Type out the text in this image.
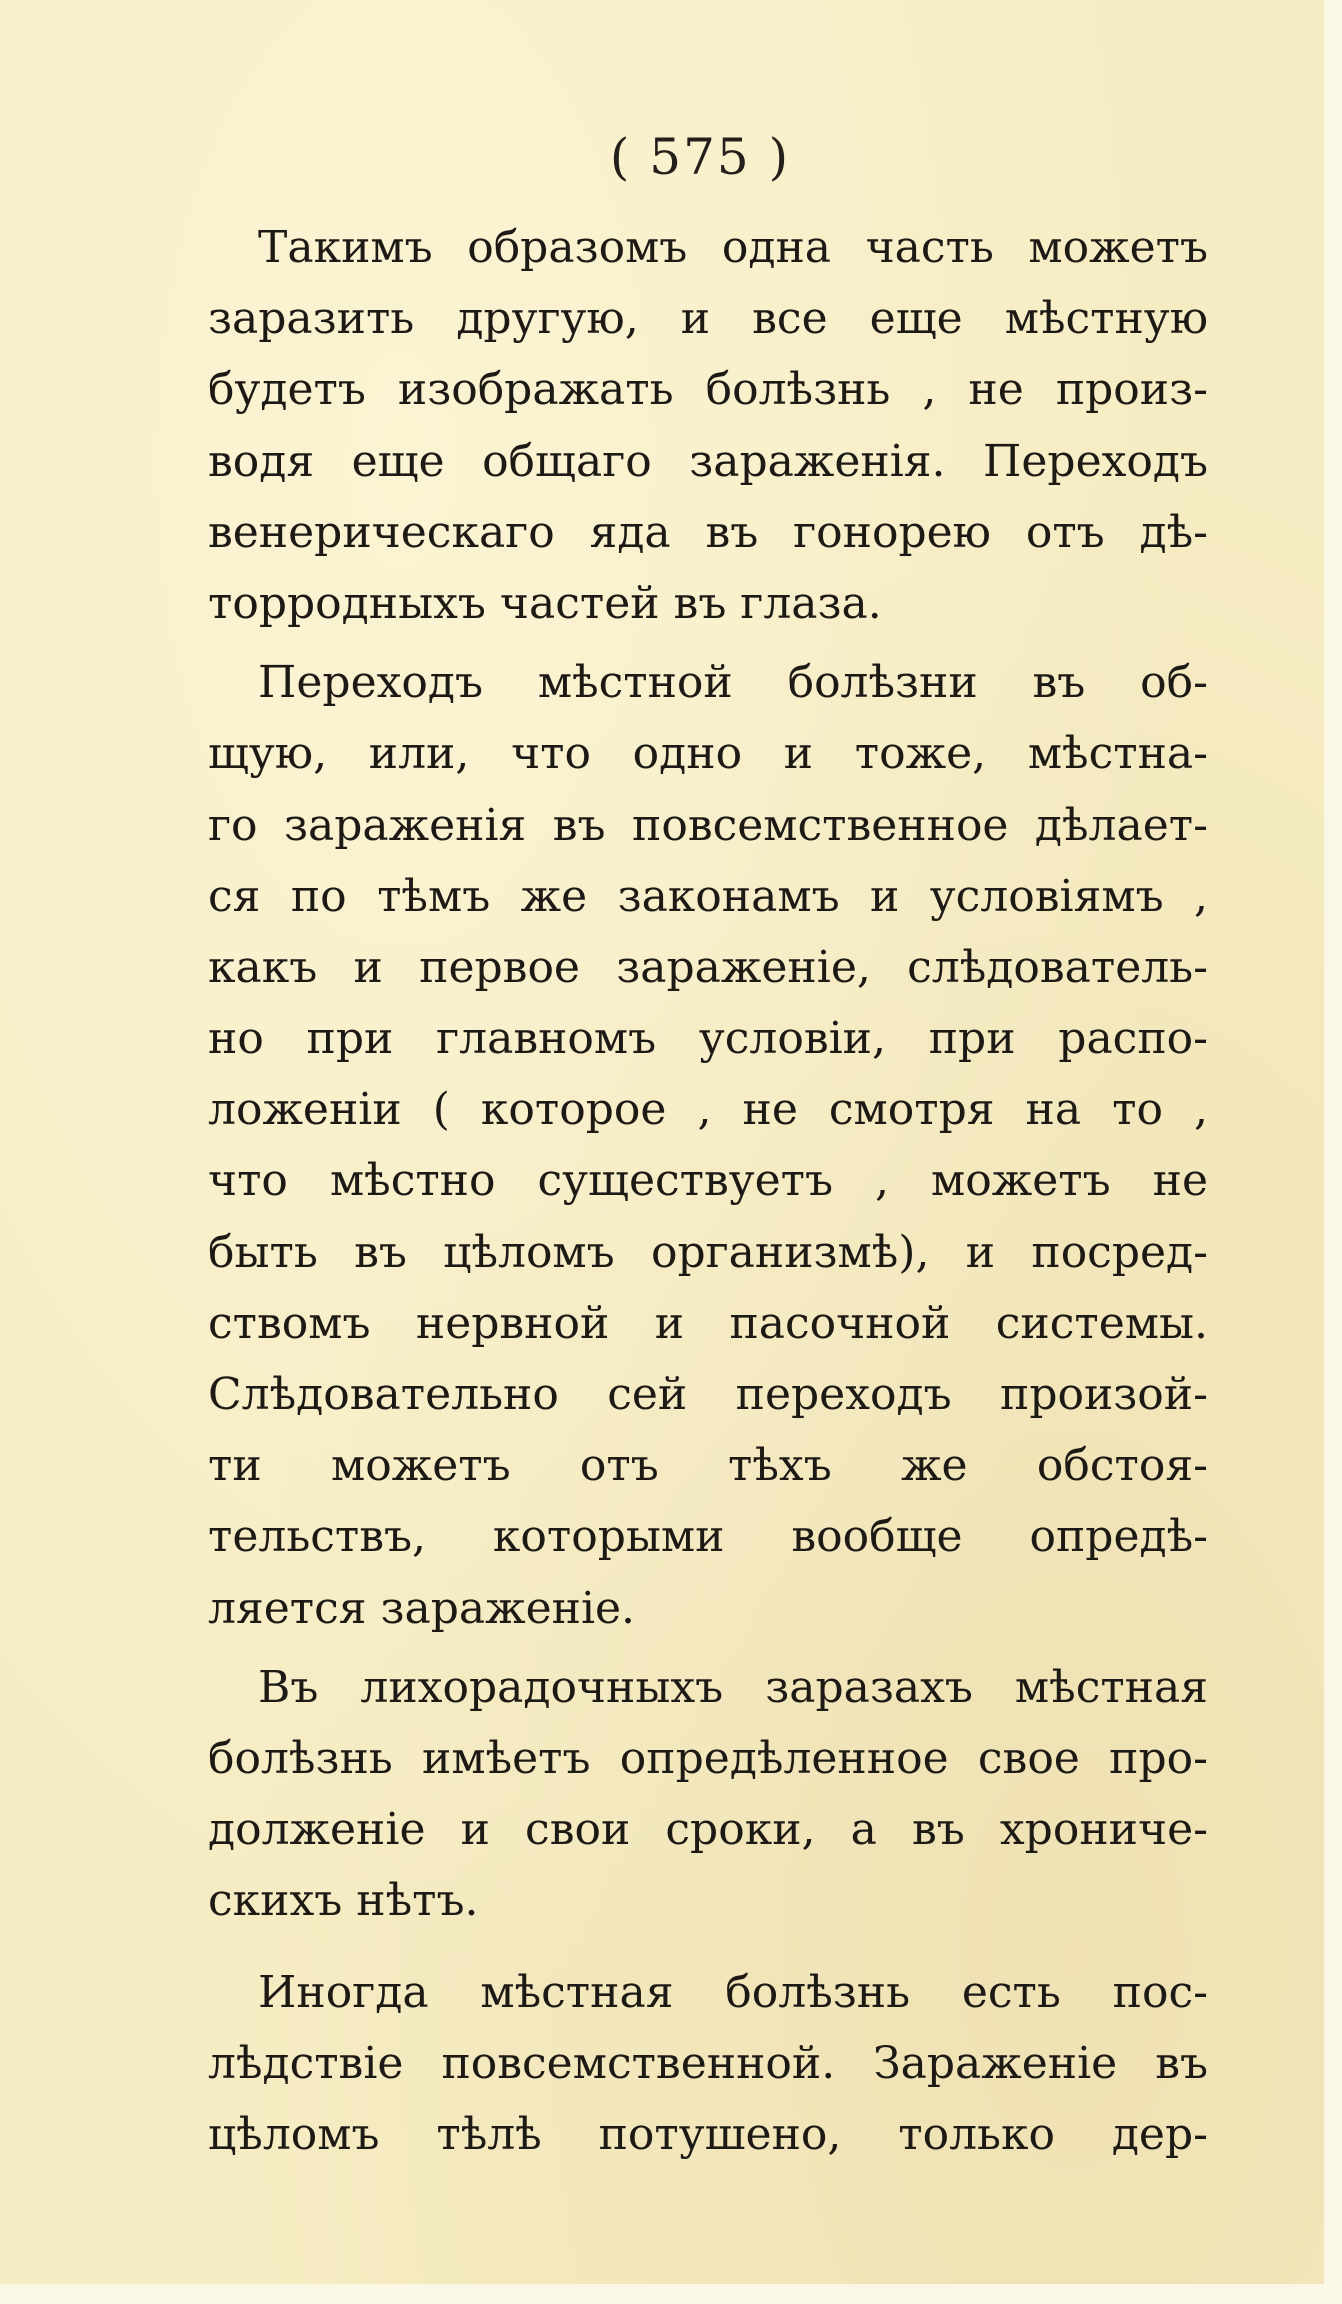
( 575 )
Такимъ образомъ одна часть можетъ
заразить другую, и все еще мѣстную
будетъ изображать болѣзнь , не произ-
водя еще общаго зараженія. Переходъ
венерическаго яда въ гонорею отъ дѣ-
торродныхъ частей въ глаза.
Переходъ мѣстной болѣзни въ об-
щую, или, что одно и тоже, мѣстна-
го зараженія въ повсемственное дѣлает-
ся по тѣмъ же законамъ и условіямъ ,
какъ и первое зараженіе, слѣдователь-
но при главномъ условіи, при распо-
ложеніи ( которое , не смотря на то ,
что мѣстно существуетъ , можетъ не
быть въ цѣломъ организмѣ), и посред-
ствомъ нервной и пасочной системы.
Слѣдовательно сей переходъ произой-
ти можетъ отъ тѣхъ же обстоя-
тельствъ, которыми вообще опредѣ-
ляется зараженіе.
Въ лихорадочныхъ заразахъ мѣстная
болѣзнь имѣетъ опредѣленное свое про-
долженіе и свои сроки, а въ хрониче-
скихъ нѣтъ.
Иногда мѣстная болѣзнь есть пос-
лѣдствіе повсемственной. Зараженіе въ
цѣломъ тѣлѣ потушено, только дер-
